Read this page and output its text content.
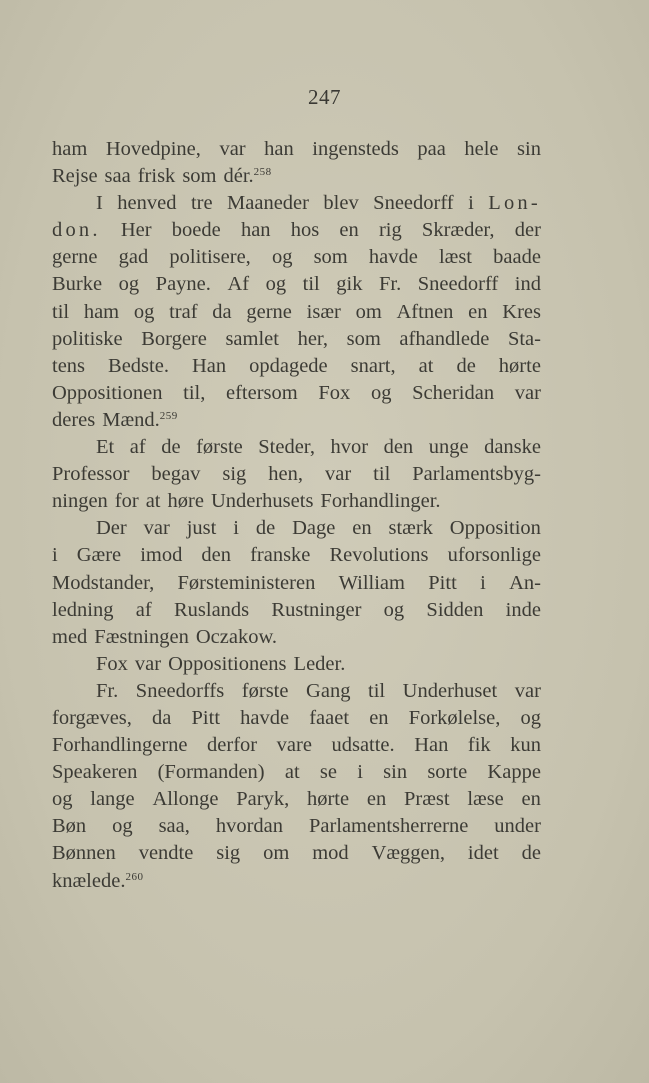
247
ham Hovedpine, var han ingensteds paa hele sin
Rejse saa frisk som dér.$^{258}$
I henved tre Maaneder blev Sneedorff i Lon-
don. Her boede han hos en rig Skræder, der
gerne gad politisere, og som havde læst baade
Burke og Payne. Af og til gik Fr. Sneedorff ind
til ham og traf da gerne især om Aftnen en Kres
politiske Borgere samlet her, som afhandlede Sta-
tens Bedste. Han opdagede snart, at de hørte
Oppositionen til, eftersom Fox og Scheridan var
deres Mænd.$^{259}$
Et af de første Steder, hvor den unge danske
Professor begav sig hen, var til Parlamentsbyg-
ningen for at høre Underhusets Forhandlinger.
Der var just i de Dage en stærk Opposition
i Gære imod den franske Revolutions uforsonlige
Modstander, Førsteministeren William Pitt i An-
ledning af Ruslands Rustninger og Sidden inde
med Fæstningen Oczakow.
Fox var Oppositionens Leder.
Fr. Sneedorffs første Gang til Underhuset var
forgæves, da Pitt havde faaet en Forkølelse, og
Forhandlingerne derfor vare udsatte. Han fik kun
Speakeren (Formanden) at se i sin sorte Kappe
og lange Allonge Paryk, hørte en Præst læse en
Bøn og saa, hvordan Parlamentsherrerne under
Bønnen vendte sig om mod Væggen, idet de
knælede.$^{260}$
